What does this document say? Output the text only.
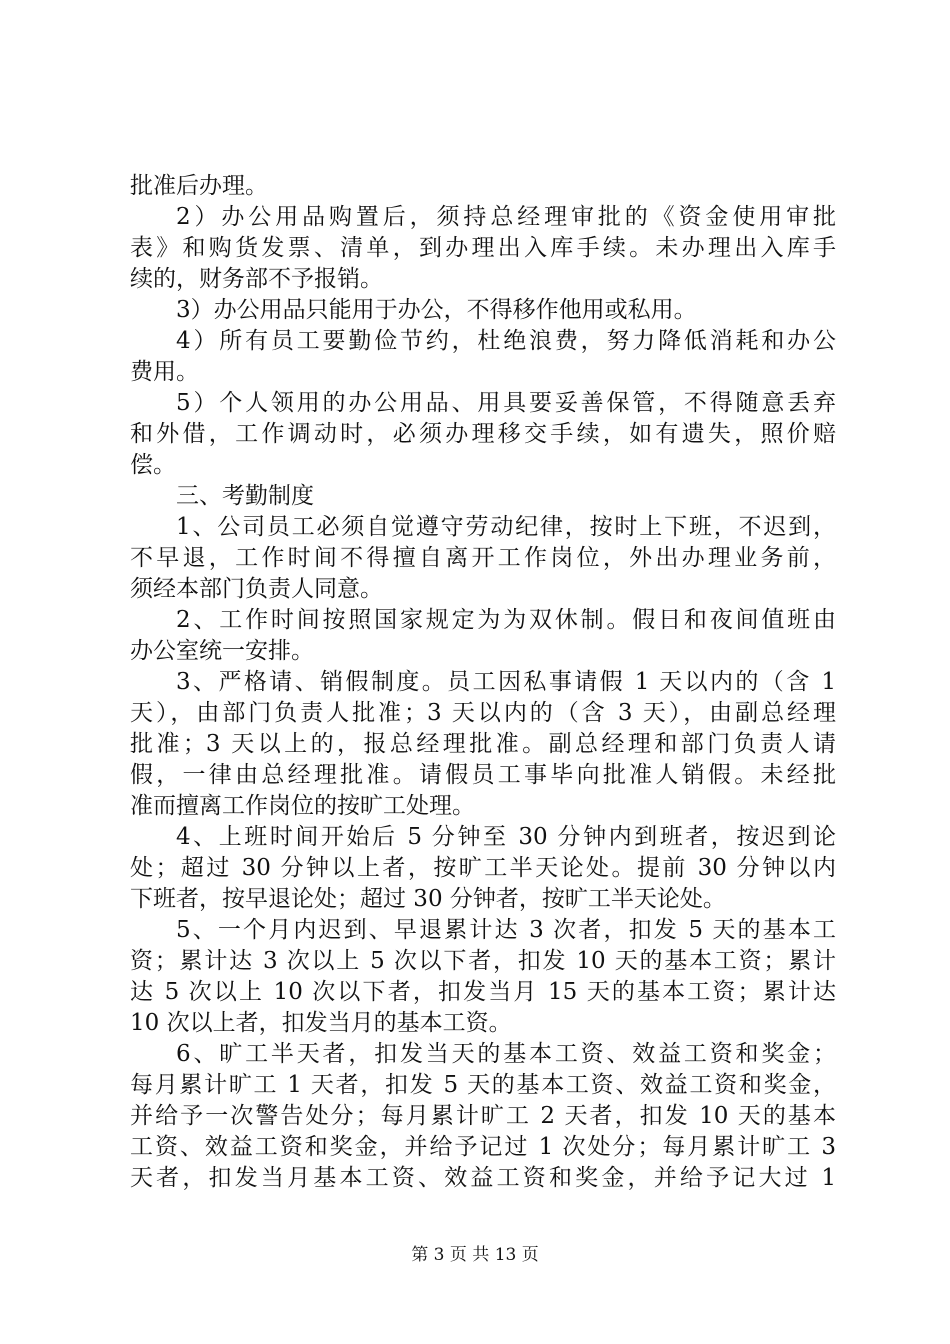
批准后办理。
2）办公用品购置后，须持总经理审批的《资金使用审批
表》和购货发票、清单，到办理出入库手续。未办理出入库手
续的，财务部不予报销。
3）办公用品只能用于办公，不得移作他用或私用。
4）所有员工要勤俭节约，杜绝浪费，努力降低消耗和办公
费用。
5）个人领用的办公用品、用具要妥善保管，不得随意丢弃
和外借，工作调动时，必须办理移交手续，如有遗失，照价赔
偿。
三、考勤制度
1、公司员工必须自觉遵守劳动纪律，按时上下班，不迟到，
不早退，工作时间不得擅自离开工作岗位，外出办理业务前，
须经本部门负责人同意。
2、工作时间按照国家规定为为双休制。假日和夜间值班由
办公室统一安排。
3、严格请、销假制度。员工因私事请假 1 天以内的（含 1
天），由部门负责人批准；3 天以内的（含 3 天），由副总经理
批准；3 天以上的，报总经理批准。副总经理和部门负责人请
假，一律由总经理批准。请假员工事毕向批准人销假。未经批
准而擅离工作岗位的按旷工处理。
4、上班时间开始后 5 分钟至 30 分钟内到班者，按迟到论
处；超过 30 分钟以上者，按旷工半天论处。提前 30 分钟以内
下班者，按早退论处；超过 30 分钟者，按旷工半天论处。
5、一个月内迟到、早退累计达 3 次者，扣发 5 天的基本工
资；累计达 3 次以上 5 次以下者，扣发 10 天的基本工资；累计
达 5 次以上 10 次以下者，扣发当月 15 天的基本工资；累计达
10 次以上者，扣发当月的基本工资。
6、旷工半天者，扣发当天的基本工资、效益工资和奖金；
每月累计旷工 1 天者，扣发 5 天的基本工资、效益工资和奖金，
并给予一次警告处分；每月累计旷工 2 天者，扣发 10 天的基本
工资、效益工资和奖金，并给予记过 1 次处分；每月累计旷工 3
天者，扣发当月基本工资、效益工资和奖金，并给予记大过 1
第 3 页 共 13 页
